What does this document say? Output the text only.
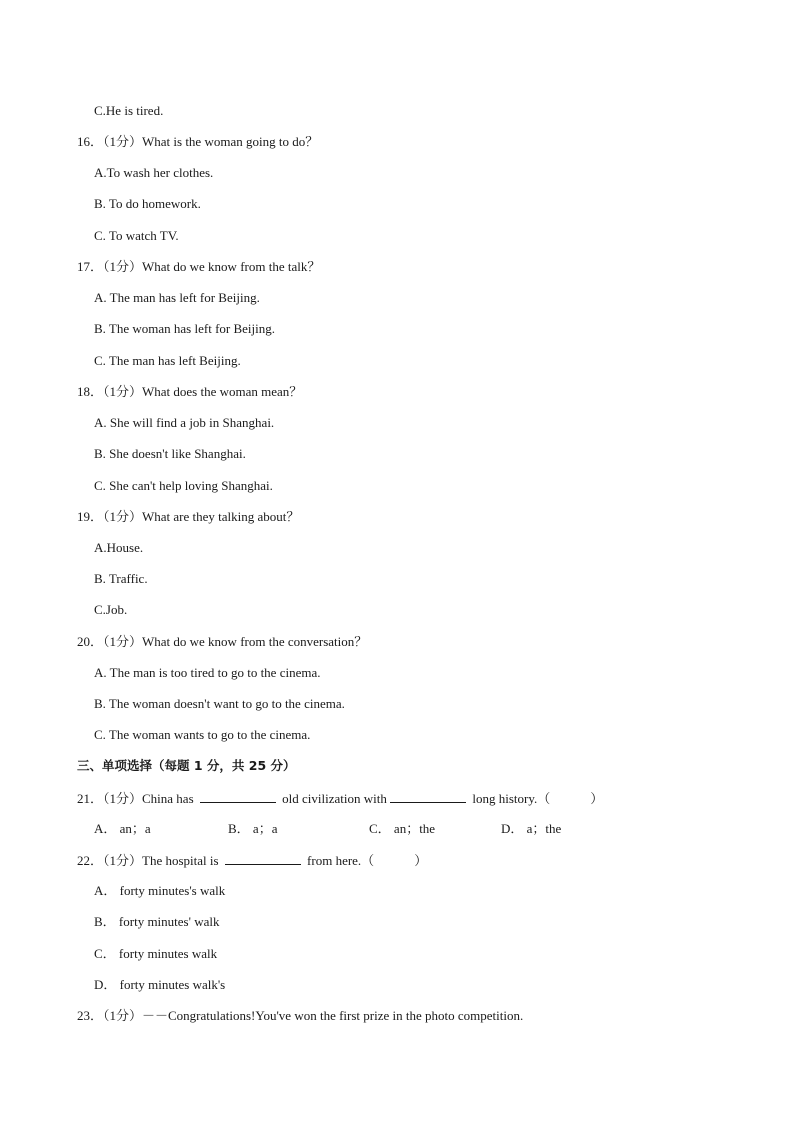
C.He is tired.
16．（1分）What is the woman going to do？
A.To wash her clothes.
B. To do homework.
C. To watch TV.
17．（1分）What do we know from the talk？
A. The man has left for Beijing.
B. The woman has left for Beijing.
C. The man has left Beijing.
18．（1分）What does the woman mean？
A. She will find a job in Shanghai.
B. She doesn't like Shanghai.
C. She can't help loving Shanghai.
19．（1分）What are they talking about？
A.House.
B. Traffic.
C.Job.
20．（1分）What do we know from the conversation？
A. The man is too tired to go to the cinema.
B. The woman doesn't want to go to the cinema.
C. The woman wants to go to the cinema.
三、单项选择（每题 1 分，共 25 分）
21．（1分）China has	old civilization with	long history.（	）
A． an；a	B． a；a	C． an；the	D． a；the
22．（1分）The hospital is	from here.（	）
A． forty minutes's walk
B． forty minutes' walk
C． forty minutes walk
D． forty minutes walk's
23．（1分）－－Congratulations!You've won the first prize in the photo competition.
